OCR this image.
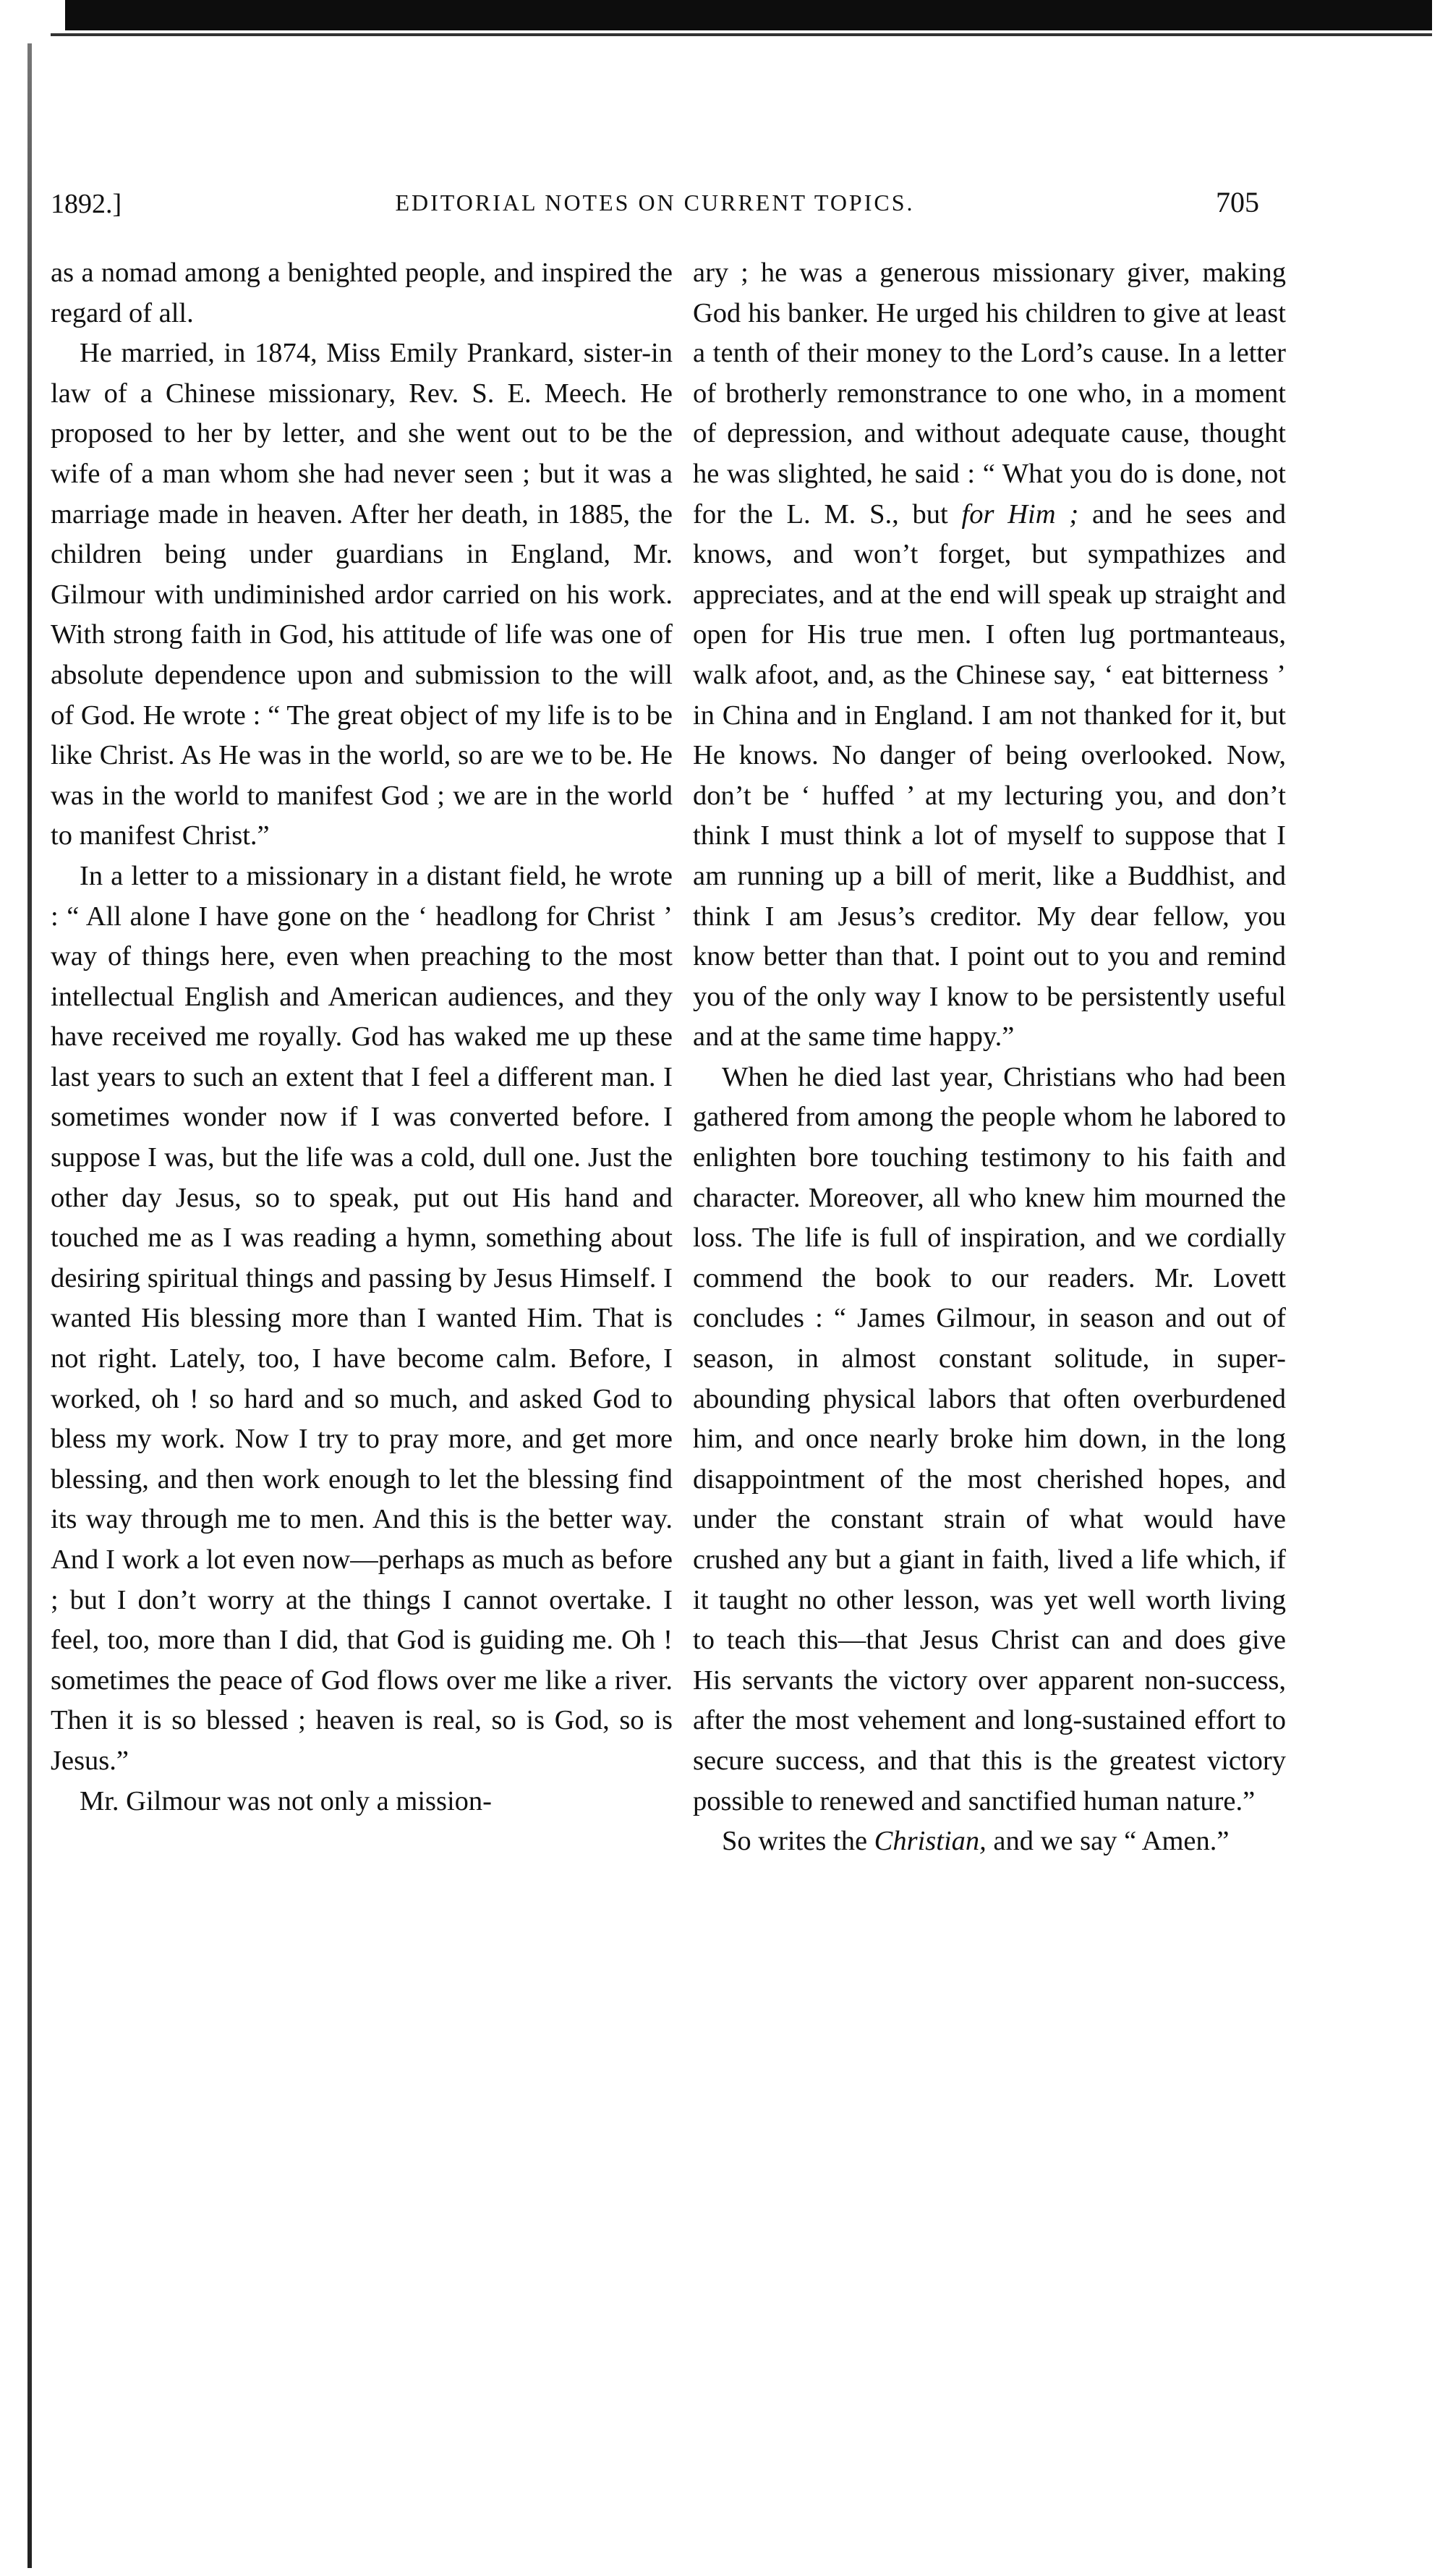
1892.]	EDITORIAL NOTES ON CURRENT TOPICS.	705

as a nomad among a benighted people, and inspired the regard of all.

He married, in 1874, Miss Emily Prankard, sister-in law of a Chinese missionary, Rev. S. E. Meech. He proposed to her by letter, and she went out to be the wife of a man whom she had never seen ; but it was a marriage made in heaven. After her death, in 1885, the children being under guardians in England, Mr. Gilmour with undiminished ardor carried on his work. With strong faith in God, his attitude of life was one of absolute dependence upon and submission to the will of God. He wrote : “ The great object of my life is to be like Christ. As He was in the world, so are we to be. He was in the world to manifest God ; we are in the world to manifest Christ.”

In a letter to a missionary in a distant field, he wrote : “ All alone I have gone on the ‘ headlong for Christ ’ way of things here, even when preaching to the most intellectual English and American audiences, and they have received me royally. God has waked me up these last years to such an extent that I feel a different man. I sometimes wonder now if I was converted before. I suppose I was, but the life was a cold, dull one. Just the other day Jesus, so to speak, put out His hand and touched me as I was reading a hymn, something about desiring spiritual things and passing by Jesus Himself. I wanted His blessing more than I wanted Him. That is not right. Lately, too, I have become calm. Before, I worked, oh ! so hard and so much, and asked God to bless my work. Now I try to pray more, and get more blessing, and then work enough to let the blessing find its way through me to men. And this is the better way. And I work a lot even now—perhaps as much as before ; but I don’t worry at the things I cannot overtake. I feel, too, more than I did, that God is guiding me. Oh ! sometimes the peace of God flows over me like a river. Then it is so blessed ; heaven is real, so is God, so is Jesus.”

Mr. Gilmour was not only a mission-

ary ; he was a generous missionary giver, making God his banker. He urged his children to give at least a tenth of their money to the Lord’s cause. In a letter of brotherly remonstrance to one who, in a moment of depression, and without adequate cause, thought he was slighted, he said : “ What you do is done, not for the L. M. S., but for Him ; and he sees and knows, and won’t forget, but sympathizes and appreciates, and at the end will speak up straight and open for His true men. I often lug portmanteaus, walk afoot, and, as the Chinese say, ‘ eat bitterness ’ in China and in England. I am not thanked for it, but He knows. No danger of being overlooked. Now, don’t be ‘ huffed ’ at my lecturing you, and don’t think I must think a lot of myself to suppose that I am running up a bill of merit, like a Buddhist, and think I am Jesus’s creditor. My dear fellow, you know better than that. I point out to you and remind you of the only way I know to be persistently useful and at the same time happy.”

When he died last year, Christians who had been gathered from among the people whom he labored to enlighten bore touching testimony to his faith and character. Moreover, all who knew him mourned the loss. The life is full of inspiration, and we cordially commend the book to our readers. Mr. Lovett concludes : “ James Gilmour, in season and out of season, in almost constant solitude, in super-abounding physical labors that often overburdened him, and once nearly broke him down, in the long disappointment of the most cherished hopes, and under the constant strain of what would have crushed any but a giant in faith, lived a life which, if it taught no other lesson, was yet well worth living to teach this—that Jesus Christ can and does give His servants the victory over apparent non-success, after the most vehement and long-sustained effort to secure success, and that this is the greatest victory possible to renewed and sanctified human nature.”

So writes the Christian, and we say “ Amen.”
